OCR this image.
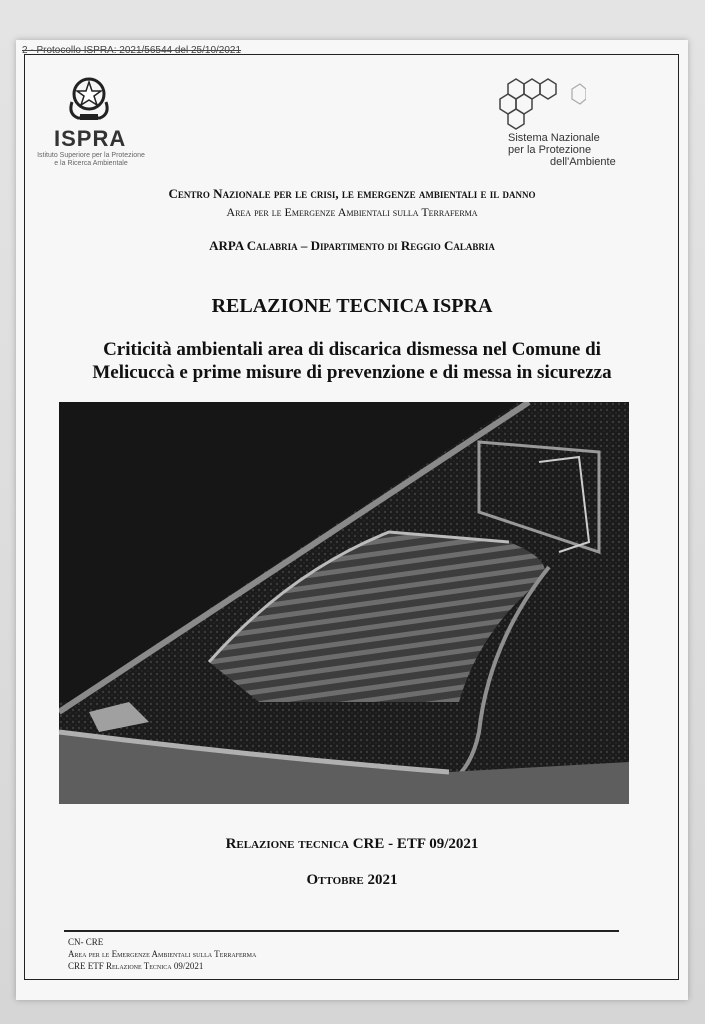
2 - Protocollo ISPRA: 2021/56544 del 25/10/2021
ISPRA
Istituto Superiore per la Protezione e la Ricerca Ambientale
Sistema Nazionale
per la Protezione
dell'Ambiente
Centro Nazionale per le crisi, le emergenze ambientali e il danno
Area per le Emergenze Ambientali sulla Terraferma
ARPA Calabria – Dipartimento di Reggio Calabria
RELAZIONE TECNICA ISPRA
Criticità ambientali area di discarica dismessa nel Comune di
Melicuccà e prime misure di prevenzione e di messa in sicurezza
Relazione tecnica CRE - ETF 09/2021
Ottobre 2021
CN- CRE
Area per le Emergenze Ambientali sulla Terraferma
CRE ETF Relazione Tecnica 09/2021
